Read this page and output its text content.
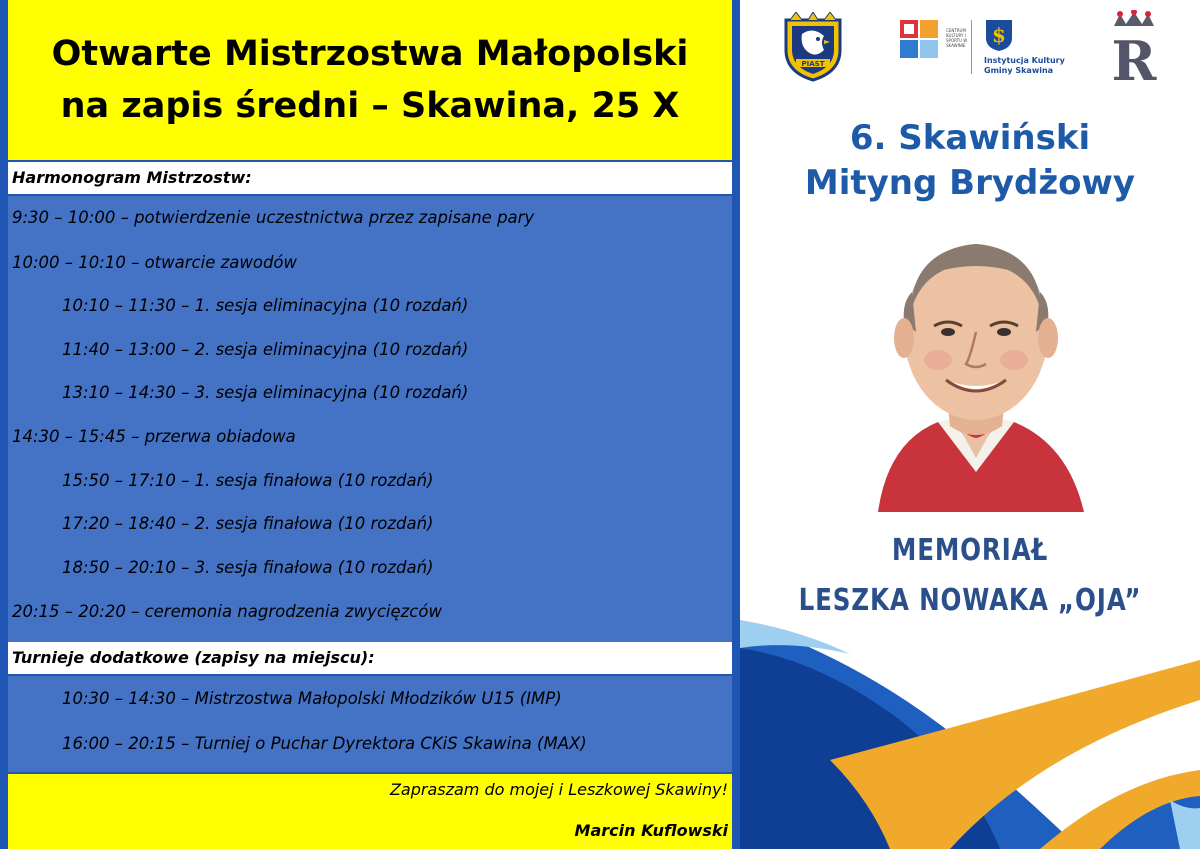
Otwarte Mistrzostwa Małopolski
na zapis średni – Skawina, 25 X
Harmonogram Mistrzostw:
9:30 – 10:00 – potwierdzenie uczestnictwa przez zapisane pary
10:00 – 10:10 – otwarcie zawodów
10:10 – 11:30 – 1. sesja eliminacyjna (10 rozdań)
11:40 – 13:00 – 2. sesja eliminacyjna (10 rozdań)
13:10 – 14:30 – 3. sesja eliminacyjna (10 rozdań)
14:30 – 15:45 – przerwa obiadowa
15:50 – 17:10 – 1. sesja finałowa (10 rozdań)
17:20 – 18:40 – 2. sesja finałowa (10 rozdań)
18:50 – 20:10 – 3. sesja finałowa (10 rozdań)
20:15 – 20:20 – ceremonia nagrodzenia zwycięzców
Turnieje dodatkowe (zapisy na miejscu):
10:30 – 14:30 – Mistrzostwa Małopolski Młodzików U15 (IMP)
16:00 – 20:15 – Turniej o Puchar Dyrektora CKiS Skawina (MAX)
Zapraszam do mojej i Leszkowej Skawiny!
Marcin Kuflowski
PIAST
CENTRUM KULTURY I SPORTU W SKAWINIE	$
Instytucja Kultury
Gminy Skawina	R
6. Skawiński
Mityng Brydżowy
MEMORIAŁ
LESZKA NOWAKA „OJA”
